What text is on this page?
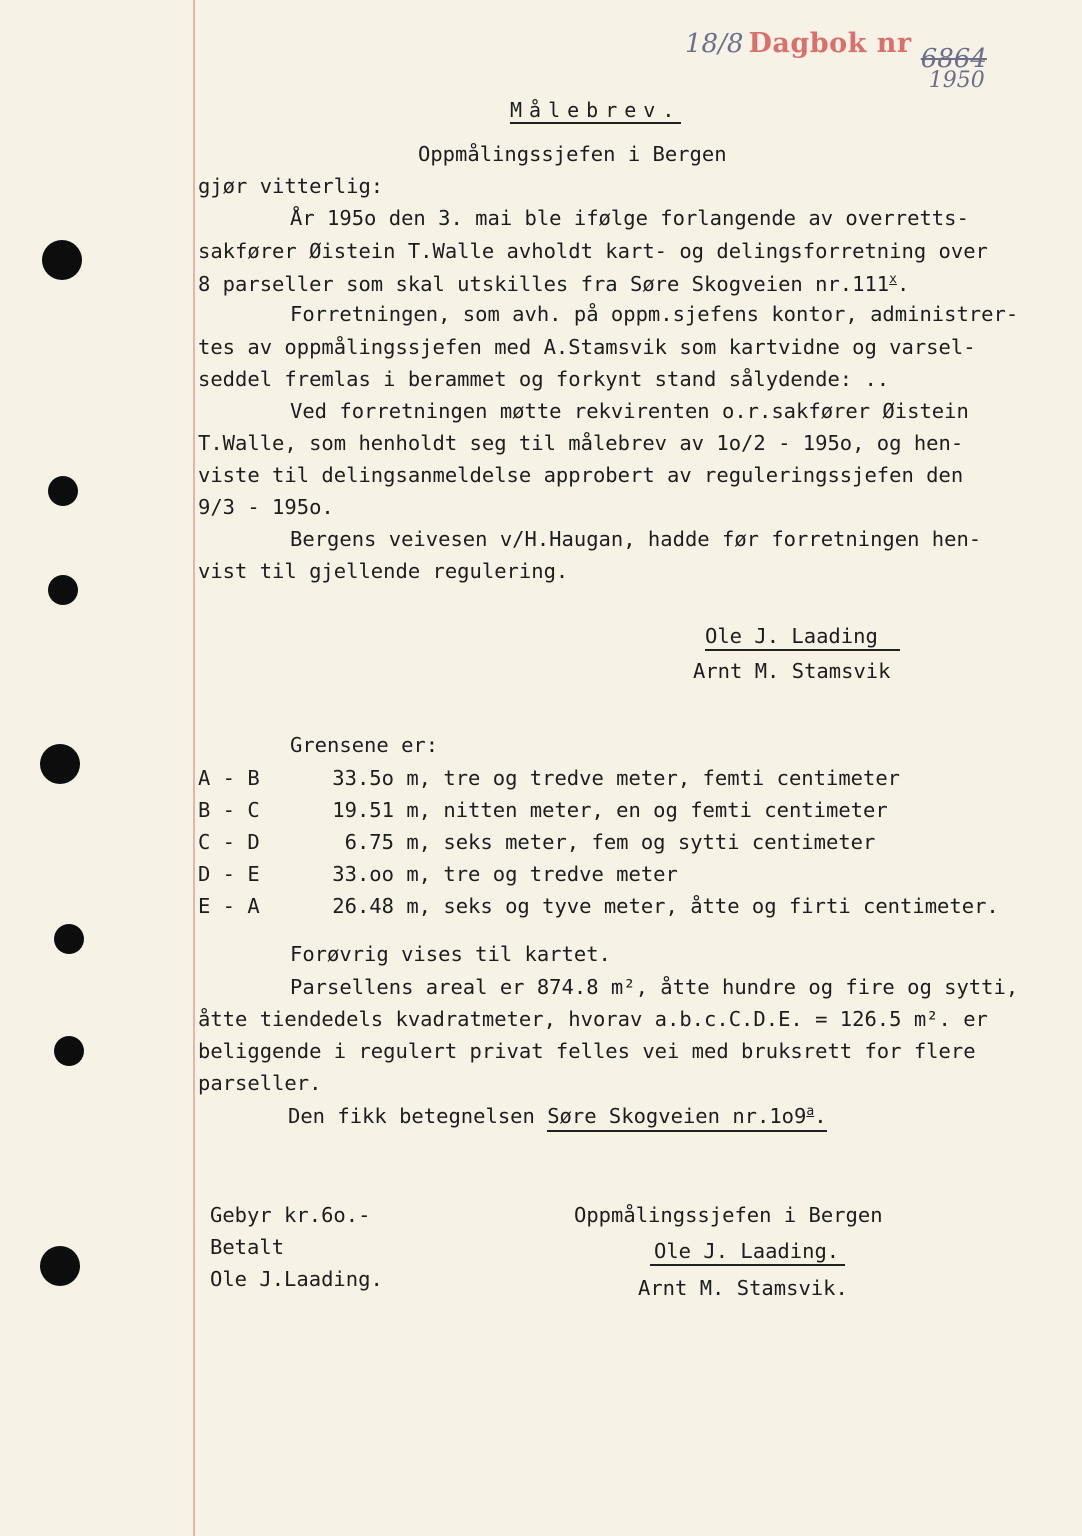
18/8 Dagbok nr 6864
1950
Målebrev.
Oppmålingssjefen i Bergen
gjør vitterlig:
År 195o den 3. mai ble ifølge forlangende av overretts-
sakfører Øistein T.Walle avholdt kart- og delingsforretning over
8 parseller som skal utskilles fra Søre Skogveien nr.111$^x$.
Forretningen, som avh. på oppm.sjefens kontor, administrer-
tes av oppmålingssjefen med A.Stamsvik som kartvidne og varsel-
seddel fremlas i berammet og forkynt stand sålydende: ..
Ved forretningen møtte rekvirenten o.r.sakfører Øistein
T.Walle, som henholdt seg til målebrev av 1o/2 - 195o, og hen-
viste til delingsanmeldelse approbert av reguleringssjefen den
9/3 - 195o.
Bergens veivesen v/H.Haugan, hadde før forretningen hen-
vist til gjellende regulering.
Ole J. Laading
Arnt M. Stamsvik
Grensene er:
A - B	33.5o m, tre og tredve meter, femti centimeter
B - C	19.51 m, nitten meter, en og femti centimeter
C - D	6.75 m, seks meter, fem og sytti centimeter
D - E	33.oo m, tre og tredve meter
E - A	26.48 m, seks og tyve meter, åtte og firti centimeter.
Forøvrig vises til kartet.
Parsellens areal er 874.8 m², åtte hundre og fire og sytti,
åtte tiendedels kvadratmeter, hvorav a.b.c.C.D.E. = 126.5 m². er
beliggende i regulert privat felles vei med bruksrett for flere
parseller.
Den fikk betegnelsen Søre Skogveien nr.1o9$^a$.
Gebyr kr.6o.-
Betalt
Ole J.Laading.
Oppmålingssjefen i Bergen
Ole J. Laading.
Arnt M. Stamsvik.
